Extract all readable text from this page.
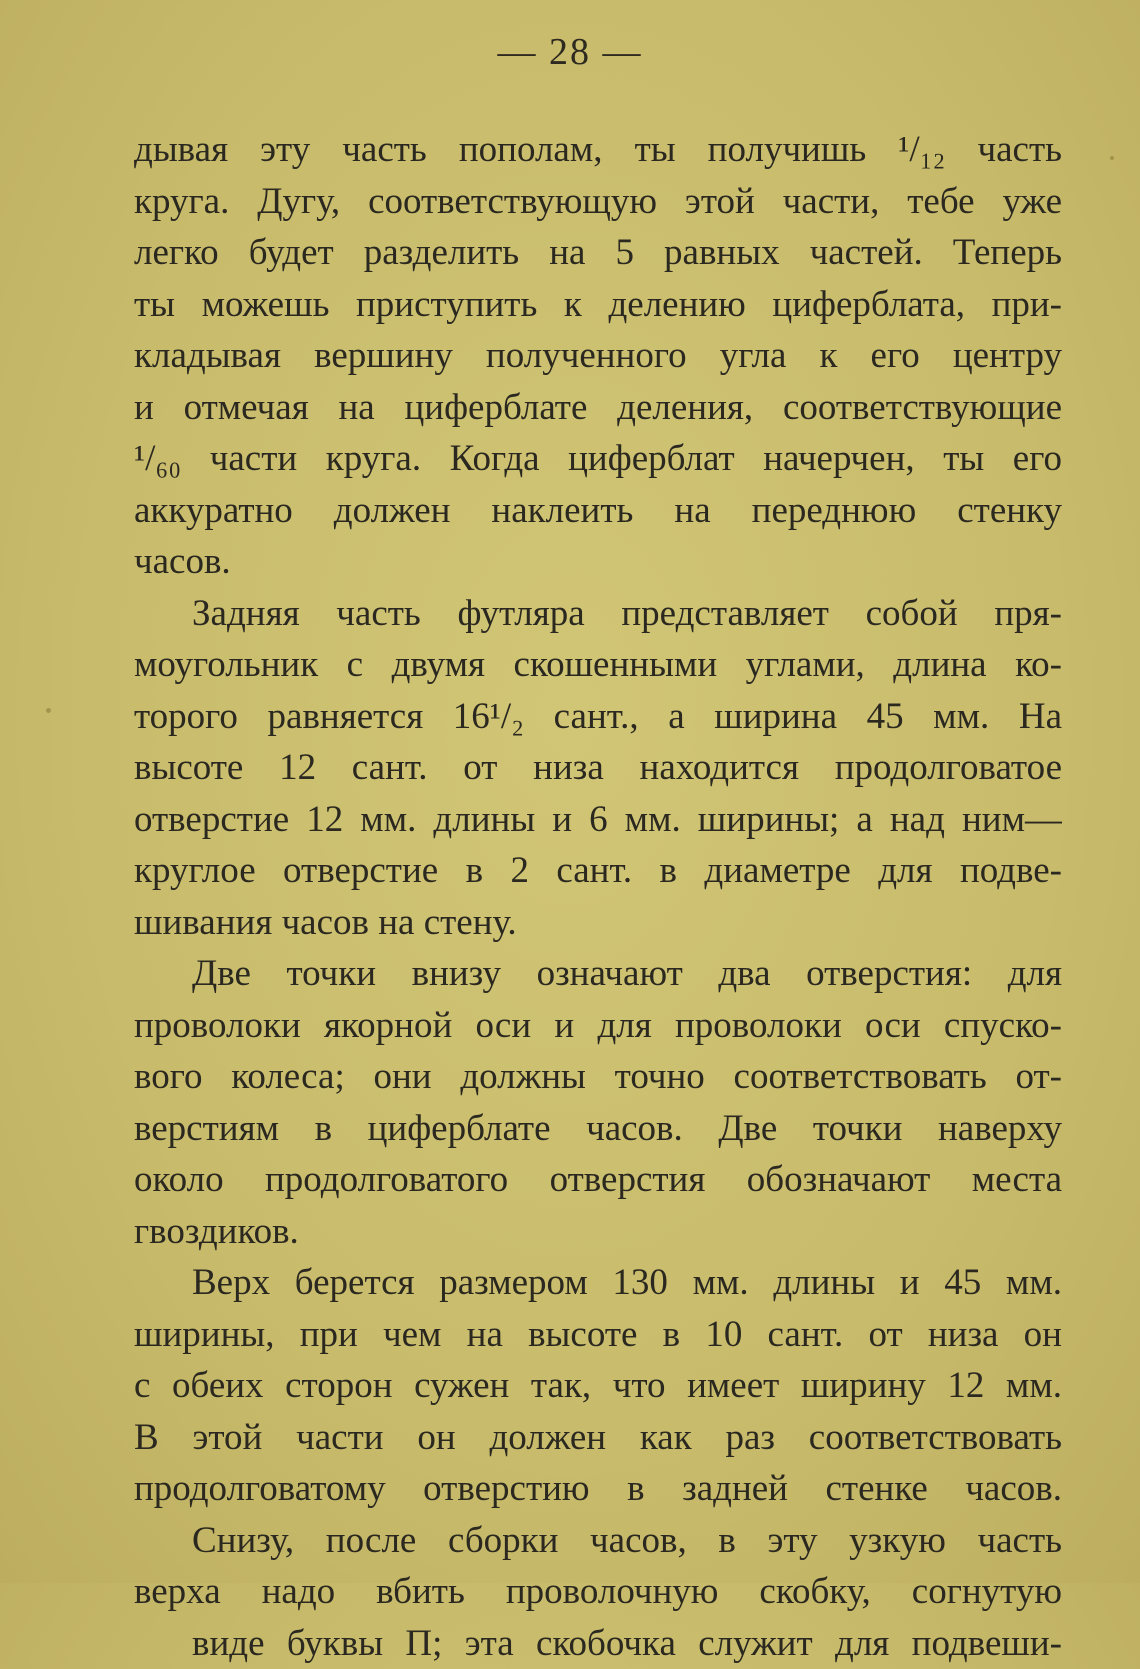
— 28 —
дывая эту часть пополам, ты получишь ¹/₁₂ часть
круга. Дугу, соответствующую этой части, тебе уже
легко будет разделить на 5 равных частей. Теперь
ты можешь приступить к делению циферблата, при-
кладывая вершину полученного угла к его центру
и отмечая на циферблате деления, соответствующие
¹/₆₀ части круга. Когда циферблат начерчен, ты его
аккуратно должен наклеить на переднюю стенку
часов.
Задняя часть футляра представляет собой пря-
моугольник с двумя скошенными углами, длина ко-
торого равняется 16¹/₂ сант., а ширина 45 мм. На
высоте 12 сант. от низа находится продолговатое
отверстие 12 мм. длины и 6 мм. ширины; а над ним—
круглое отверстие в 2 сант. в диаметре для подве-
шивания часов на стену.
Две точки внизу означают два отверстия: для
проволоки якорной оси и для проволоки оси спуско-
вого колеса; они должны точно соответствовать от-
верстиям в циферблате часов. Две точки наверху
около продолговатого отверстия обозначают места
гвоздиков.
Верх берется размером 130 мм. длины и 45 мм.
ширины, при чем на высоте в 10 сант. от низа он
с обеих сторон сужен так, что имеет ширину 12 мм.
В этой части он должен как раз соответствовать
продолговатому отверстию в задней стенке часов.
Снизу, после сборки часов, в эту узкую часть
верха надо вбить проволочную скобку, согнутую
виде буквы П; эта скобочка служит для подвеши-
